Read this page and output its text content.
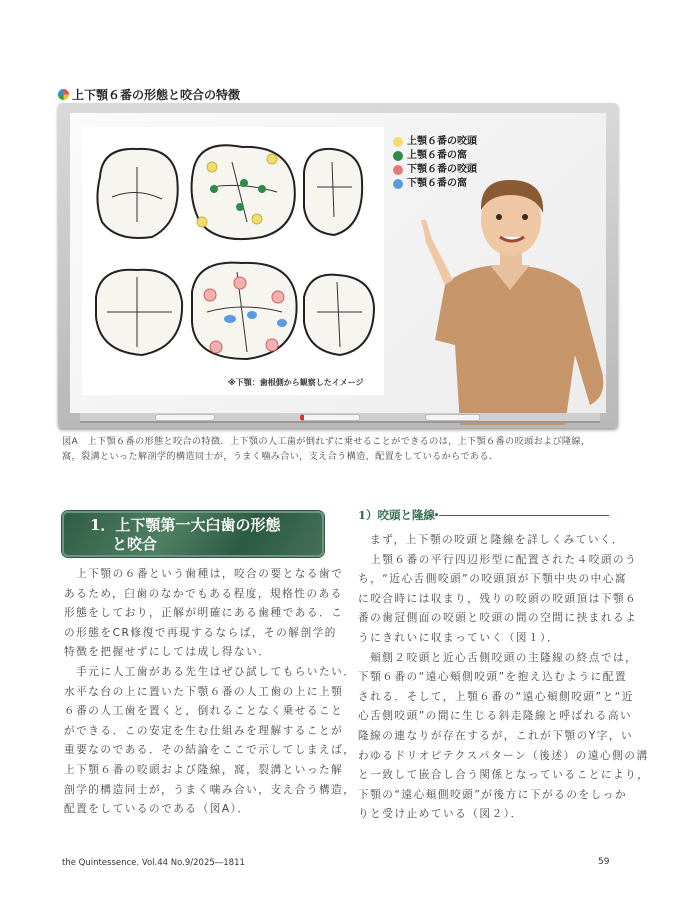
上下顎６番の形態と咬合の特徴
上顎６番の咬頭
上顎６番の窩
下顎６番の咬頭
下顎６番の窩
※下顎：歯根側から観察したイメージ
図A　上下顎６番の形態と咬合の特徴．上下顎の人工歯が倒れずに乗せることができるのは，上下顎６番の咬頭および隆線，
窩，裂溝といった解剖学的構造同士が，うまく噛み合い，支え合う構造，配置をしているからである．
1．上下顎第一大臼歯の形態
と咬合
　上下顎の６番という歯種は，咬合の要となる歯で
あるため，臼歯のなかでもある程度，規格性のある
形態をしており，正解が明確にある歯種である．こ
の形態をCR修復で再現するならば，その解剖学的
特徴を把握せずにしては成し得ない．
　手元に人工歯がある先生はぜひ試してもらいたい．
水平な台の上に置いた下顎６番の人工歯の上に上顎
６番の人工歯を置くと，倒れることなく乗せること
ができる．この安定を生む仕組みを理解することが
重要なのである．その結論をここで示してしまえば，
上下顎６番の咬頭および隆線，窩，裂溝といった解
剖学的構造同士が，うまく噛み合い，支え合う構造，
配置をしているのである（図A）．
1）咬頭と隆線
　まず，上下顎の咬頭と隆線を詳しくみていく．
　上顎６番の平行四辺形型に配置された４咬頭のう
ち，“近心舌側咬頭”の咬頭頂が下顎中央の中心窩
に咬合時には収まり，残りの咬頭の咬頭頂は下顎６
番の歯冠側面の咬頭と咬頭の間の空間に挟まれるよ
うにきれいに収まっていく（図１）．
　頬側２咬頭と近心舌側咬頭の主隆線の終点では，
下顎６番の“遠心頬側咬頭”を抱え込むように配置
される．そして，上顎６番の“遠心頬側咬頭”と“近
心舌側咬頭”の間に生じる斜走隆線と呼ばれる高い
隆線の連なりが存在するが，これが下顎のY字，い
わゆるドリオピテクスパターン（後述）の遠心側の溝
と一致して嵌合し合う関係となっていることにより，
下顎の“遠心頬側咬頭”が後方に下がるのをしっか
りと受け止めている（図２）．
the Quintessence. Vol.44 No.9/2025―1811	59
